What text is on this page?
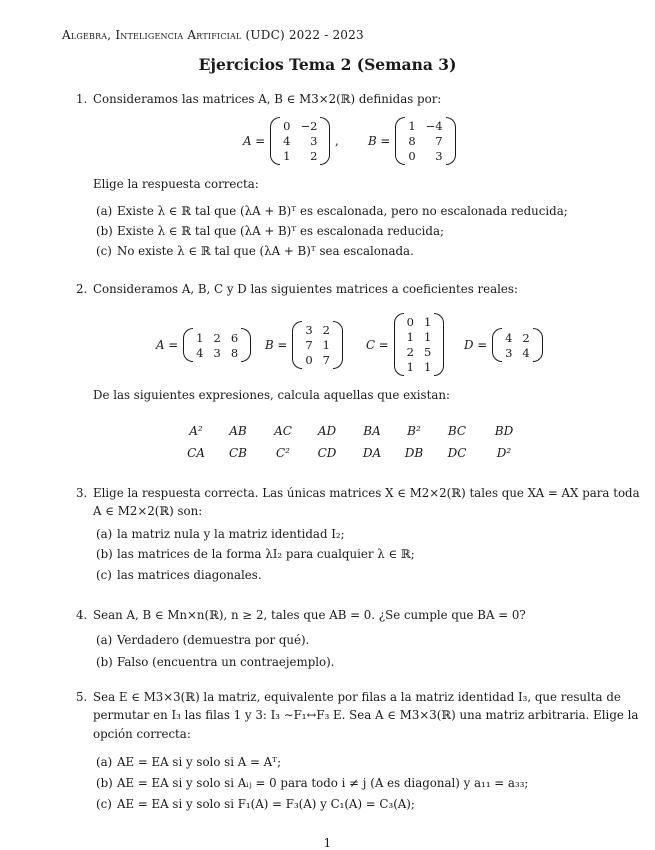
Algebra, Inteligencia Artificial (UDC) 2022 - 2023
Ejercicios Tema 2 (Semana 3)
1. Consideramos las matrices A, B ∈ M3×2(ℝ) definidas por:
A =
0 −2
4	3
1	2
, B =
1 −4
8	7
0	3
Elige la respuesta correcta:
(a) Existe λ ∈ ℝ tal que (λA + B)ᵀ es escalonada, pero no escalonada reducida;
(b) Existe λ ∈ ℝ tal que (λA + B)ᵀ es escalonada reducida;
(c) No existe λ ∈ ℝ tal que (λA + B)ᵀ sea escalonada.
2. Consideramos A, B, C y D las siguientes matrices a coeficientes reales:
A =
1 2 6
4 3 8
B =
3 2
7 1
0 7
C =
0 1
1 1
2 5
1 1
D =
4 2
3 4
De las siguientes expresiones, calcula aquellas que existan:
A²	AB	AC	AD	BA	B²	BC	BD
CA	CB	C²	CD	DA	DB	DC	D²
3. Elige la respuesta correcta. Las únicas matrices X ∈ M2×2(ℝ) tales que XA = AX para toda
A ∈ M2×2(ℝ) son:
(a) la matriz nula y la matriz identidad I₂;
(b) las matrices de la forma λI₂ para cualquier λ ∈ ℝ;
(c) las matrices diagonales.
4. Sean A, B ∈ Mn×n(ℝ), n ≥ 2, tales que AB = 0. ¿Se cumple que BA = 0?
(a) Verdadero (demuestra por qué).
(b) Falso (encuentra un contraejemplo).
5. Sea E ∈ M3×3(ℝ) la matriz, equivalente por filas a la matriz identidad I₃, que resulta de
permutar en I₃ las filas 1 y 3: I₃ ∼F₁↔F₃ E. Sea A ∈ M3×3(ℝ) una matriz arbitraria. Elige la
opción correcta:
(a) AE = EA si y solo si A = Aᵀ;
(b) AE = EA si y solo si Aᵢⱼ = 0 para todo i ≠ j (A es diagonal) y a₁₁ = a₃₃;
(c) AE = EA si y solo si F₁(A) = F₃(A) y C₁(A) = C₃(A);
1
